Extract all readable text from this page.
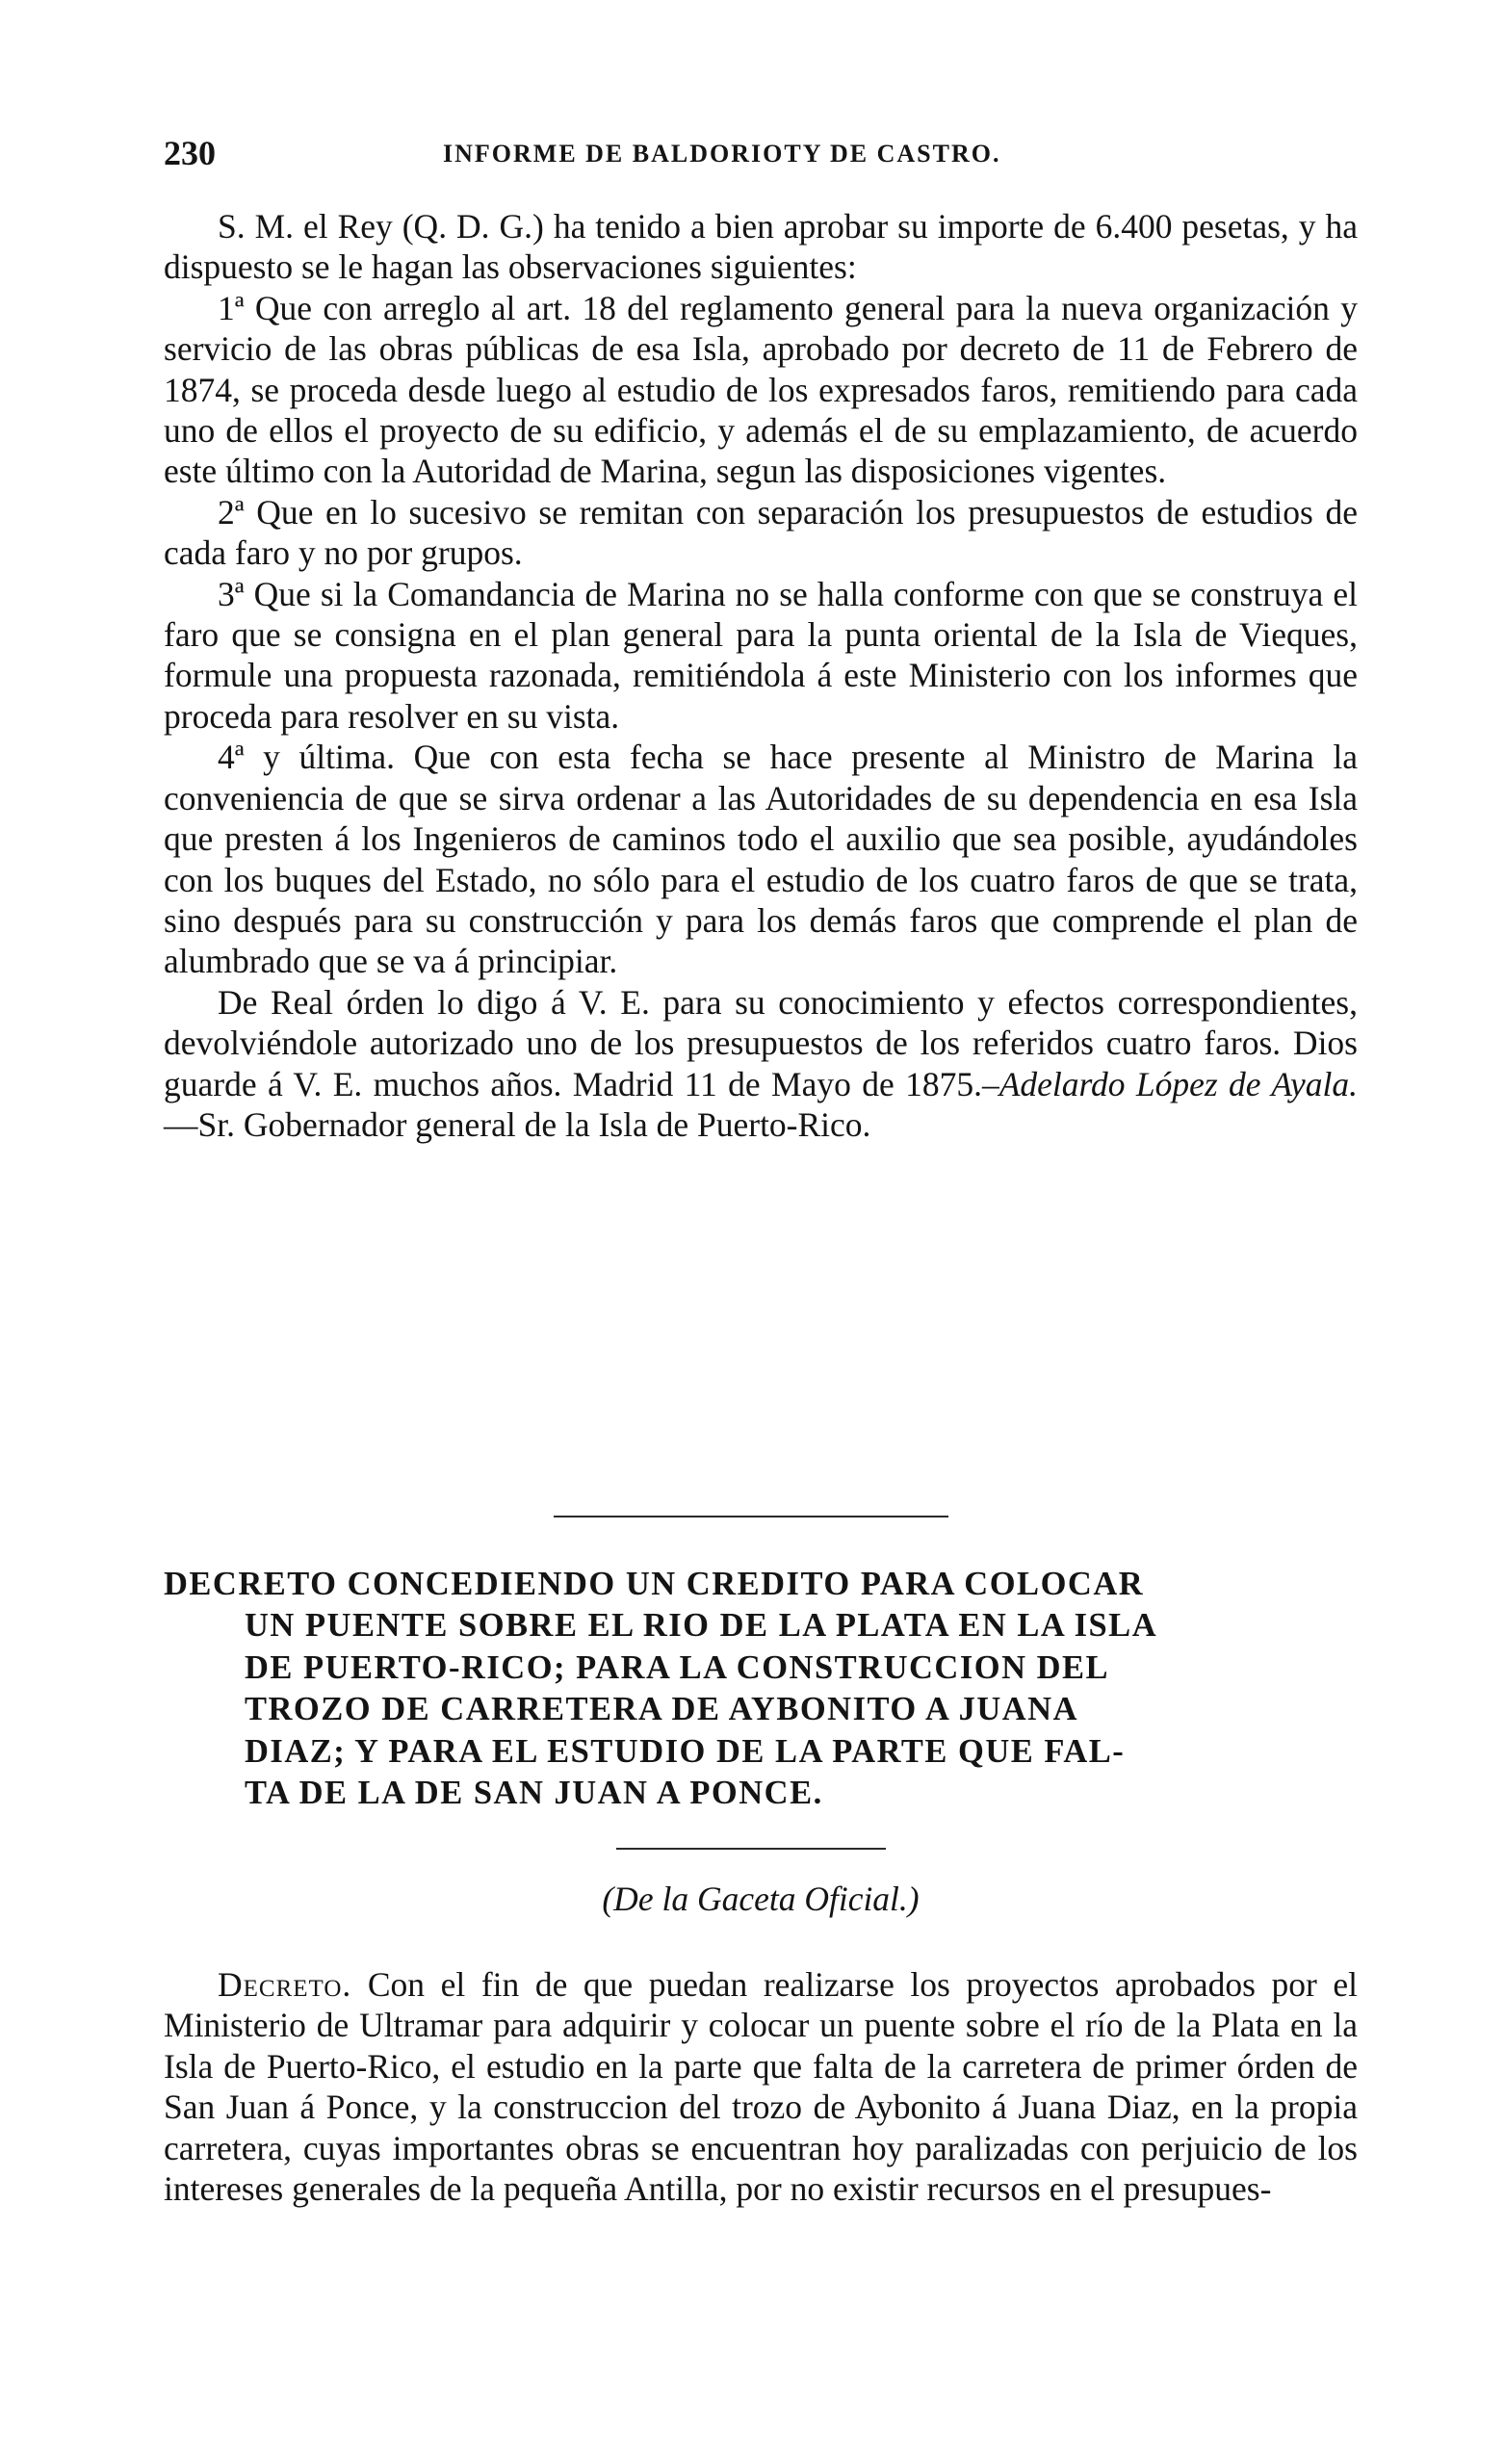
230	INFORME DE BALDORIOTY DE CASTRO.

S. M. el Rey (Q. D. G.) ha tenido a bien aprobar su importe de 6.400 pesetas, y ha dispuesto se le hagan las observaciones siguientes:

1ª Que con arreglo al art. 18 del reglamento general para la nueva organización y servicio de las obras públicas de esa Isla, aprobado por decreto de 11 de Febrero de 1874, se proceda desde luego al estudio de los expresados faros, remitiendo para cada uno de ellos el proyecto de su edificio, y además el de su emplazamiento, de acuerdo este último con la Autoridad de Marina, segun las disposiciones vigentes.

2ª Que en lo sucesivo se remitan con separación los presupuestos de estudios de cada faro y no por grupos.

3ª Que si la Comandancia de Marina no se halla conforme con que se construya el faro que se consigna en el plan general para la punta oriental de la Isla de Vieques, formule una propuesta razonada, remitiéndola á este Ministerio con los informes que proceda para resolver en su vista.

4ª y última. Que con esta fecha se hace presente al Ministro de Marina la conveniencia de que se sirva ordenar a las Autoridades de su dependencia en esa Isla que presten á los Ingenieros de caminos todo el auxilio que sea posible, ayudándoles con los buques del Estado, no sólo para el estudio de los cuatro faros de que se trata, sino después para su construcción y para los demás faros que comprende el plan de alumbrado que se va á principiar.

De Real órden lo digo á V. E. para su conocimiento y efectos correspondientes, devolviéndole autorizado uno de los presupuestos de los referidos cuatro faros. Dios guarde á V. E. muchos años. Madrid 11 de Mayo de 1875.–Adelardo López de Ayala.—Sr. Gobernador general de la Isla de Puerto-Rico.

DECRETO CONCEDIENDO UN CREDITO PARA COLOCAR
UN PUENTE SOBRE EL RIO DE LA PLATA EN LA ISLA
DE PUERTO-RICO; PARA LA CONSTRUCCION DEL
TROZO DE CARRETERA DE AYBONITO A JUANA
DIAZ; Y PARA EL ESTUDIO DE LA PARTE QUE FAL-
TA DE LA DE SAN JUAN A PONCE.

(De la Gaceta Oficial.)

Decreto. Con el fin de que puedan realizarse los proyectos aprobados por el Ministerio de Ultramar para adquirir y colocar un puente sobre el río de la Plata en la Isla de Puerto-Rico, el estudio en la parte que falta de la carretera de primer órden de San Juan á Ponce, y la construccion del trozo de Aybonito á Juana Diaz, en la propia carretera, cuyas importantes obras se encuentran hoy paralizadas con perjuicio de los intereses generales de la pequeña Antilla, por no existir recursos en el presupues-
